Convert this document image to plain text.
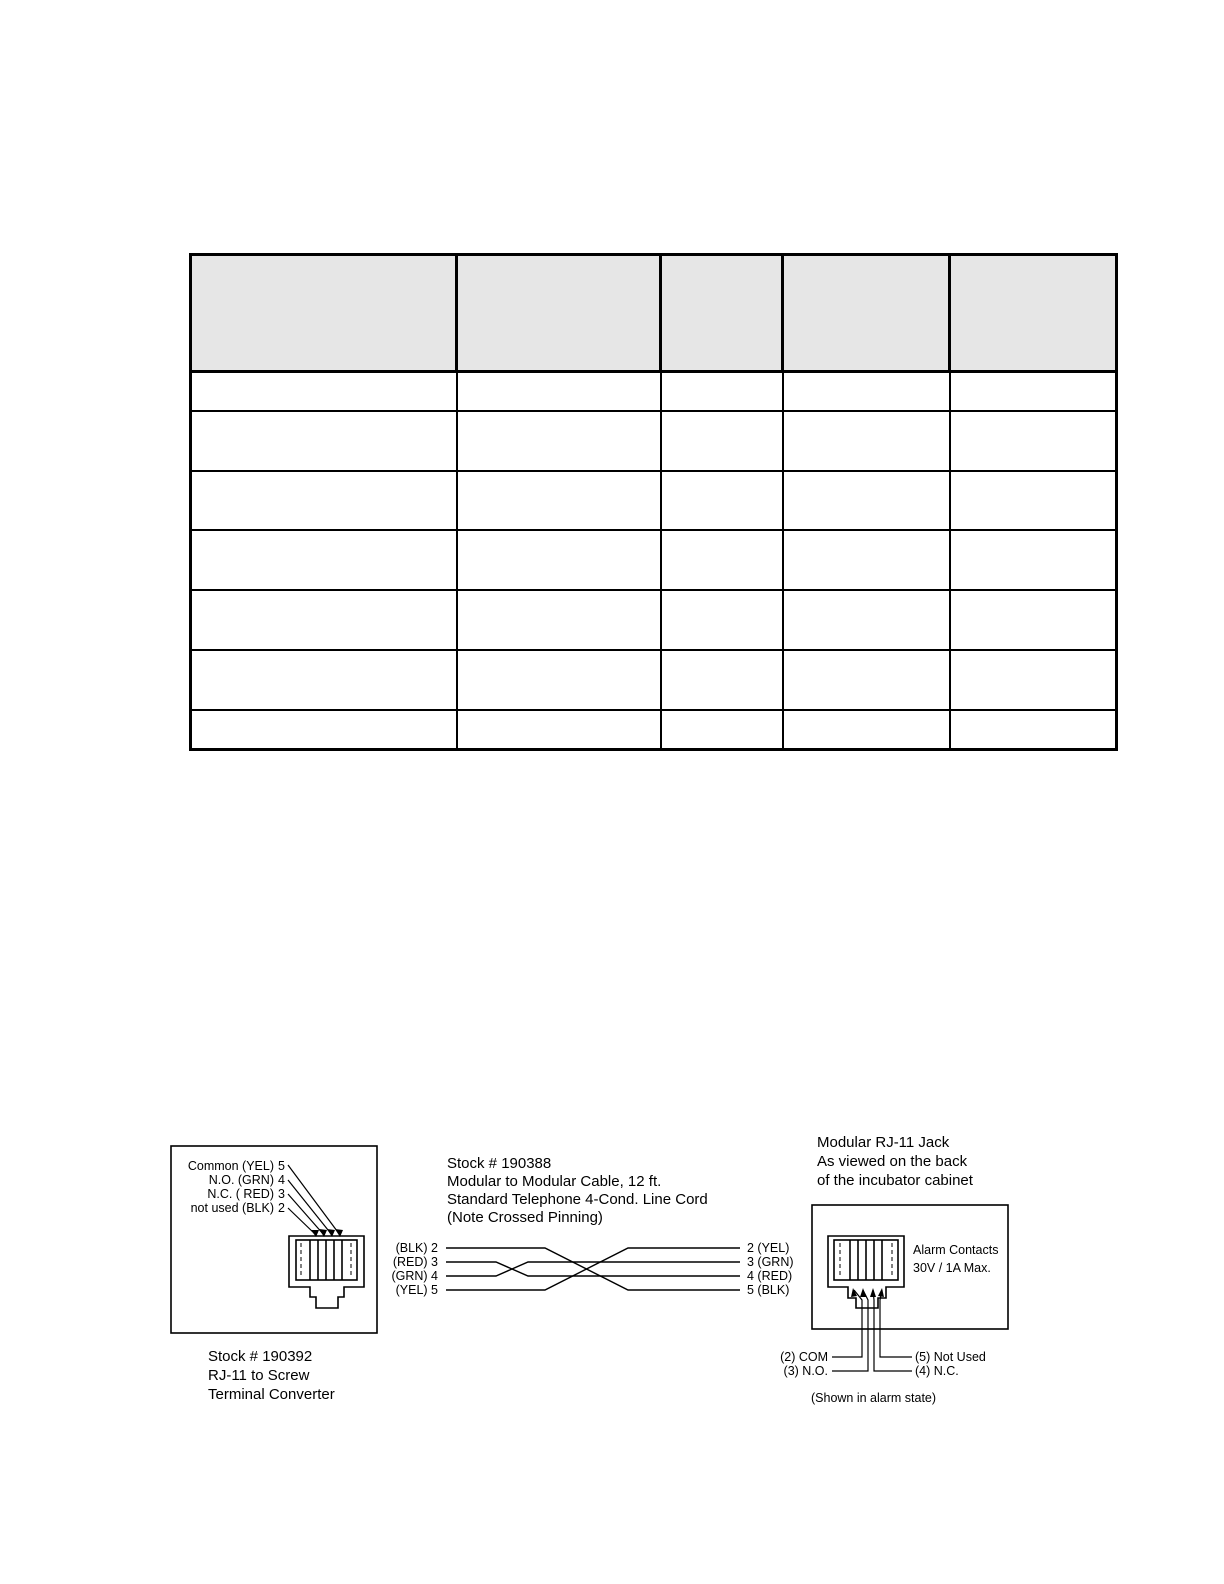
Common (YEL) 5
N.O. (GRN) 4
N.C. ( RED) 3
not used (BLK) 2
Stock # 190392
RJ-11 to Screw
Terminal Converter
Stock # 190388
Modular to Modular Cable, 12 ft.
Standard Telephone 4-Cond. Line Cord
(Note Crossed Pinning)
(BLK) 2
(RED) 3
(GRN) 4
(YEL) 5
2 (YEL)
3 (GRN)
4 (RED)
5 (BLK)
Modular RJ-11 Jack
As viewed on the back
of the incubator cabinet
Alarm Contacts
30V / 1A Max.
(2) COM
(3) N.O.
(5) Not Used
(4) N.C.
(Shown in alarm state)
